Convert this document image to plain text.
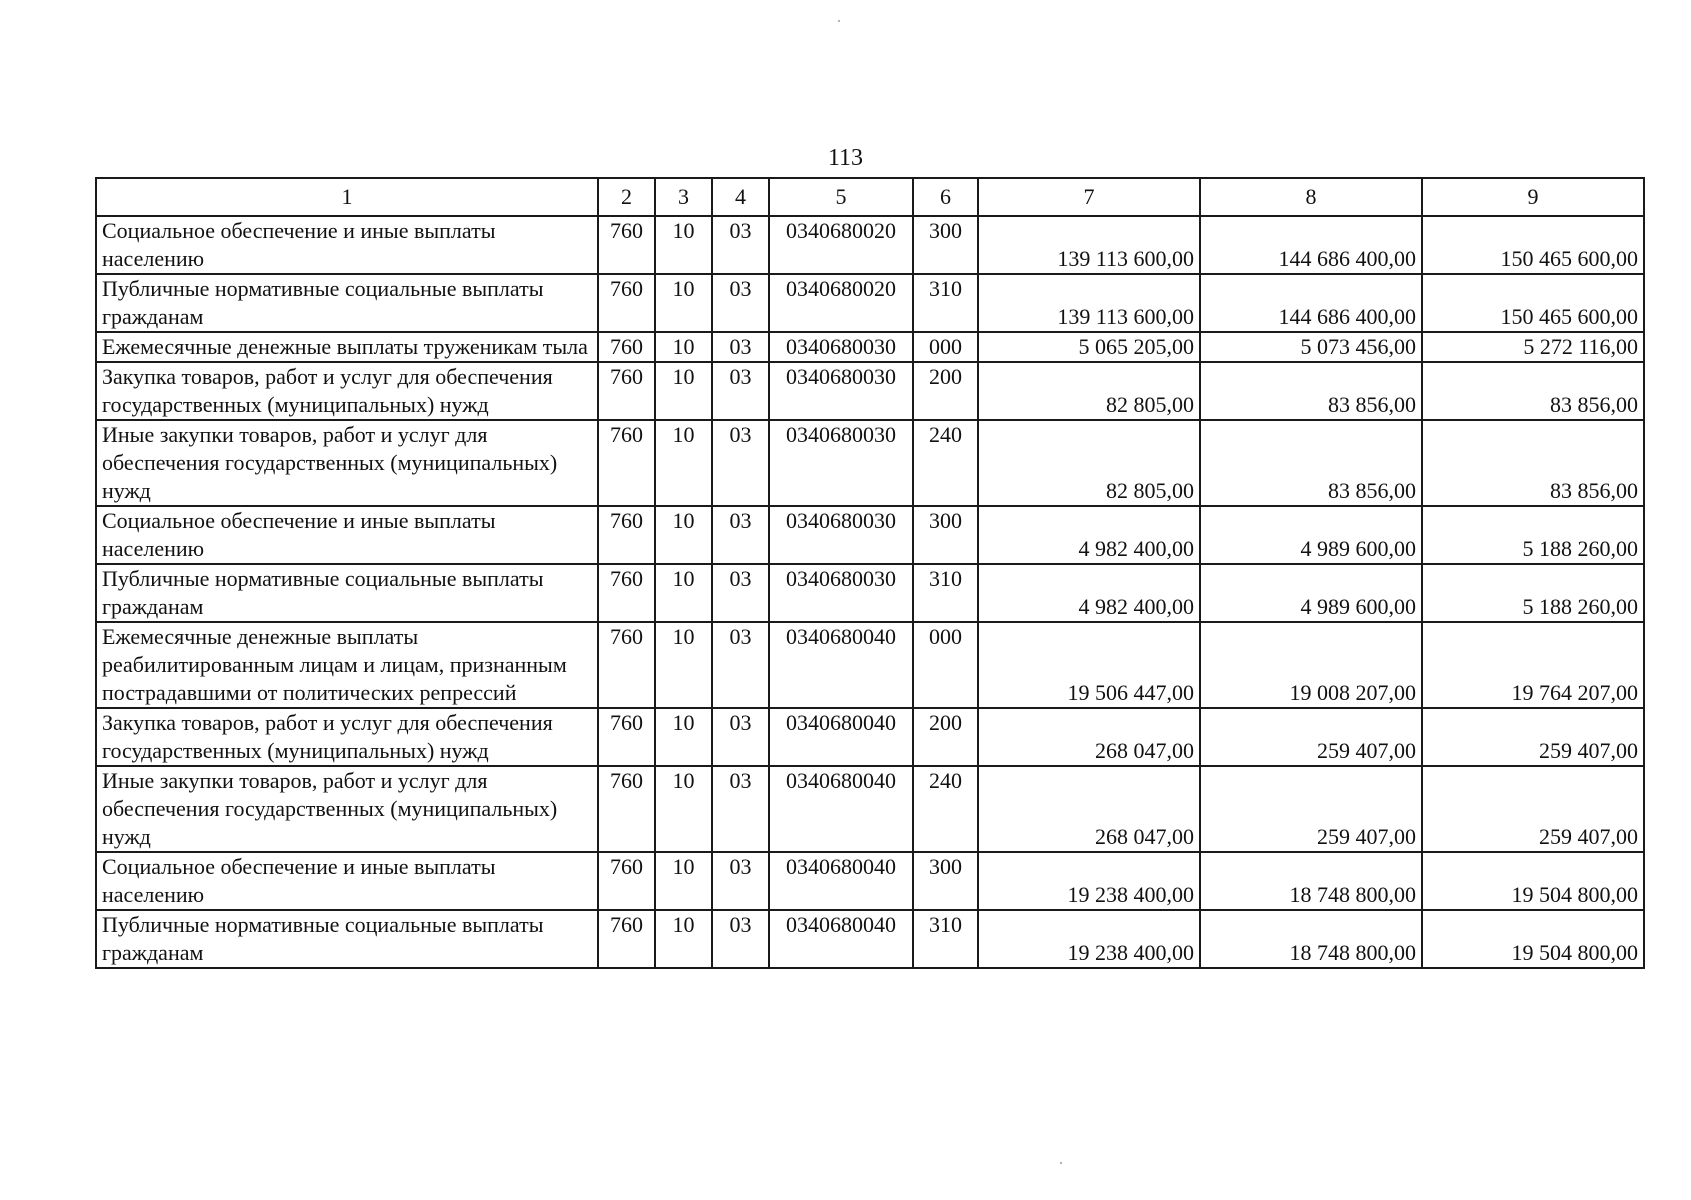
113
1	2	3	4	5	6	7	8	9
Социальное обеспечение и иные выплаты населению	760	10	03	0340680020	300	139 113 600,00	144 686 400,00	150 465 600,00
Публичные нормативные социальные выплаты гражданам	760	10	03	0340680020	310	139 113 600,00	144 686 400,00	150 465 600,00
Ежемесячные денежные выплаты труженикам тыла	760	10	03	0340680030	000	5 065 205,00	5 073 456,00	5 272 116,00
Закупка товаров, работ и услуг для обеспечения государственных (муниципальных) нужд	760	10	03	0340680030	200	82 805,00	83 856,00	83 856,00
Иные закупки товаров, работ и услуг для обеспечения государственных (муниципальных) нужд	760	10	03	0340680030	240	82 805,00	83 856,00	83 856,00
Социальное обеспечение и иные выплаты населению	760	10	03	0340680030	300	4 982 400,00	4 989 600,00	5 188 260,00
Публичные нормативные социальные выплаты гражданам	760	10	03	0340680030	310	4 982 400,00	4 989 600,00	5 188 260,00
Ежемесячные денежные выплаты реабилитированным лицам и лицам, признанным пострадавшими от политических репрессий	760	10	03	0340680040	000	19 506 447,00	19 008 207,00	19 764 207,00
Закупка товаров, работ и услуг для обеспечения государственных (муниципальных) нужд	760	10	03	0340680040	200	268 047,00	259 407,00	259 407,00
Иные закупки товаров, работ и услуг для обеспечения государственных (муниципальных) нужд	760	10	03	0340680040	240	268 047,00	259 407,00	259 407,00
Социальное обеспечение и иные выплаты населению	760	10	03	0340680040	300	19 238 400,00	18 748 800,00	19 504 800,00
Публичные нормативные социальные выплаты гражданам	760	10	03	0340680040	310	19 238 400,00	18 748 800,00	19 504 800,00
